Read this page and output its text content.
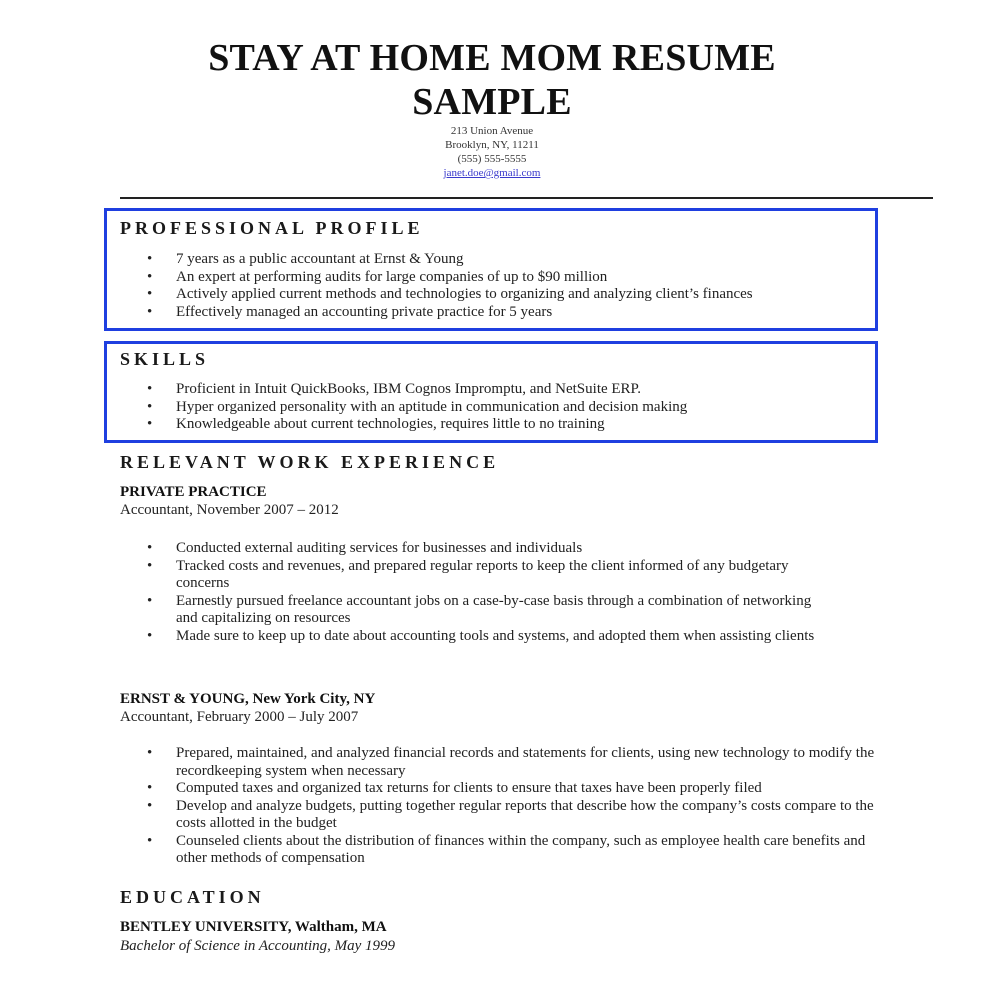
STAY AT HOME MOM RESUME
SAMPLE
213 Union Avenue
Brooklyn, NY, 11211
(555) 555-5555
janet.doe@gmail.com
PROFESSIONAL PROFILE
• 7 years as a public accountant at Ernst & Young
• An expert at performing audits for large companies of up to $90 million
• Actively applied current methods and technologies to organizing and analyzing client’s finances
• Effectively managed an accounting private practice for 5 years
SKILLS
• Proficient in Intuit QuickBooks, IBM Cognos Impromptu, and NetSuite ERP.
• Hyper organized personality with an aptitude in communication and decision making
• Knowledgeable about current technologies, requires little to no training
RELEVANT WORK EXPERIENCE
PRIVATE PRACTICE
Accountant, November 2007 – 2012
• Conducted external auditing services for businesses and individuals
• Tracked costs and revenues, and prepared regular reports to keep the client informed of any budgetary concerns
• Earnestly pursued freelance accountant jobs on a case-by-case basis through a combination of networking and capitalizing on resources
• Made sure to keep up to date about accounting tools and systems, and adopted them when assisting clients
ERNST & YOUNG, New York City, NY
Accountant, February 2000 – July 2007
• Prepared, maintained, and analyzed financial records and statements for clients, using new technology to modify the recordkeeping system when necessary
• Computed taxes and organized tax returns for clients to ensure that taxes have been properly filed
• Develop and analyze budgets, putting together regular reports that describe how the company’s costs compare to the costs allotted in the budget
• Counseled clients about the distribution of finances within the company, such as employee health care benefits and other methods of compensation
EDUCATION
BENTLEY UNIVERSITY, Waltham, MA
Bachelor of Science in Accounting, May 1999
